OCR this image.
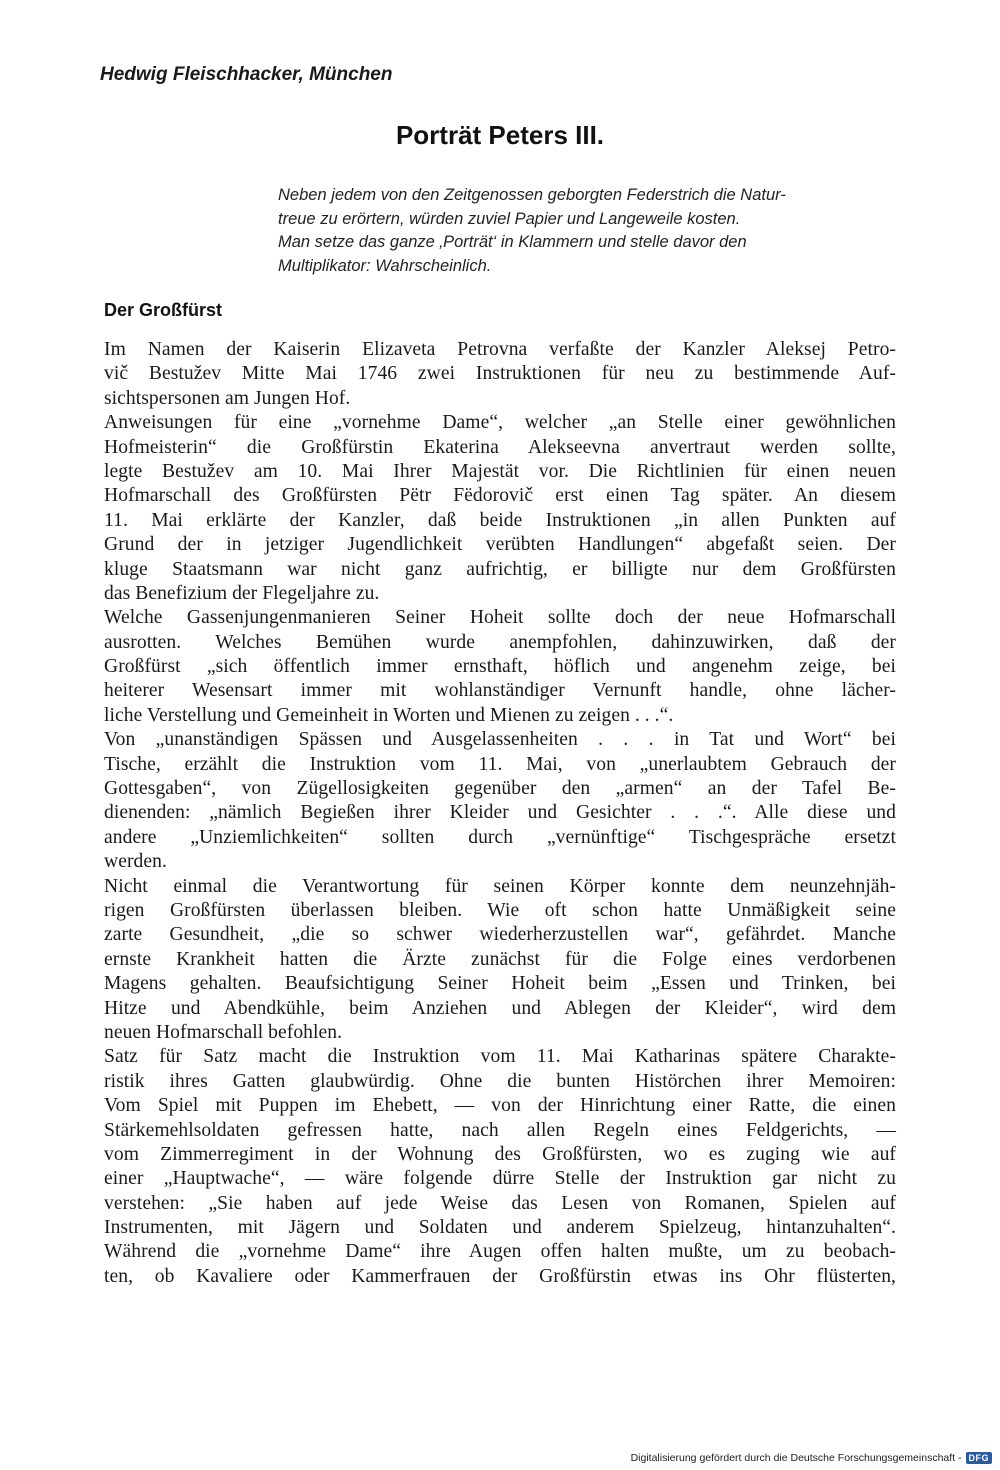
Hedwig Fleischhacker, München
Porträt Peters III.
Neben jedem von den Zeitgenossen geborgten Federstrich die Natur-
treue zu erörtern, würden zuviel Papier und Langeweile kosten.
Man setze das ganze ‚Porträt‘ in Klammern und stelle davor den
Multiplikator: Wahrscheinlich.
Der Großfürst
Im Namen der Kaiserin Elizaveta Petrovna verfaßte der Kanzler Aleksej Petro-
vič Bestužev Mitte Mai 1746 zwei Instruktionen für neu zu bestimmende Auf-
sichtspersonen am Jungen Hof.
Anweisungen für eine „vornehme Dame“, welcher „an Stelle einer gewöhnlichen
Hofmeisterin“ die Großfürstin Ekaterina Alekseevna anvertraut werden sollte,
legte Bestužev am 10. Mai Ihrer Majestät vor. Die Richtlinien für einen neuen
Hofmarschall des Großfürsten Pëtr Fëdorovič erst einen Tag später. An diesem
11. Mai erklärte der Kanzler, daß beide Instruktionen „in allen Punkten auf
Grund der in jetziger Jugendlichkeit verübten Handlungen“ abgefaßt seien. Der
kluge Staatsmann war nicht ganz aufrichtig, er billigte nur dem Großfürsten
das Benefizium der Flegeljahre zu.
Welche Gassenjungenmanieren Seiner Hoheit sollte doch der neue Hofmarschall
ausrotten. Welches Bemühen wurde anempfohlen, dahinzuwirken, daß der
Großfürst „sich öffentlich immer ernsthaft, höflich und angenehm zeige, bei
heiterer Wesensart immer mit wohlanständiger Vernunft handle, ohne lächer-
liche Verstellung und Gemeinheit in Worten und Mienen zu zeigen . . .“.
Von „unanständigen Spässen und Ausgelassenheiten . . . in Tat und Wort“ bei
Tische, erzählt die Instruktion vom 11. Mai, von „unerlaubtem Gebrauch der
Gottesgaben“, von Zügellosigkeiten gegenüber den „armen“ an der Tafel Be-
dienenden: „nämlich Begießen ihrer Kleider und Gesichter . . .“. Alle diese und
andere „Unziemlichkeiten“ sollten durch „vernünftige“ Tischgespräche ersetzt
werden.
Nicht einmal die Verantwortung für seinen Körper konnte dem neunzehnjäh-
rigen Großfürsten überlassen bleiben. Wie oft schon hatte Unmäßigkeit seine
zarte Gesundheit, „die so schwer wiederherzustellen war“, gefährdet. Manche
ernste Krankheit hatten die Ärzte zunächst für die Folge eines verdorbenen
Magens gehalten. Beaufsichtigung Seiner Hoheit beim „Essen und Trinken, bei
Hitze und Abendkühle, beim Anziehen und Ablegen der Kleider“, wird dem
neuen Hofmarschall befohlen.
Satz für Satz macht die Instruktion vom 11. Mai Katharinas spätere Charakte-
ristik ihres Gatten glaubwürdig. Ohne die bunten Histörchen ihrer Memoiren:
Vom Spiel mit Puppen im Ehebett, — von der Hinrichtung einer Ratte, die einen
Stärkemehlsoldaten gefressen hatte, nach allen Regeln eines Feldgerichts, —
vom Zimmerregiment in der Wohnung des Großfürsten, wo es zuging wie auf
einer „Hauptwache“, — wäre folgende dürre Stelle der Instruktion gar nicht zu
verstehen: „Sie haben auf jede Weise das Lesen von Romanen, Spielen auf
Instrumenten, mit Jägern und Soldaten und anderem Spielzeug, hintanzuhalten“.
Während die „vornehme Dame“ ihre Augen offen halten mußte, um zu beobach-
ten, ob Kavaliere oder Kammerfrauen der Großfürstin etwas ins Ohr flüsterten,
Digitalisierung gefördert durch die Deutsche Forschungsgemeinschaft - DFG
